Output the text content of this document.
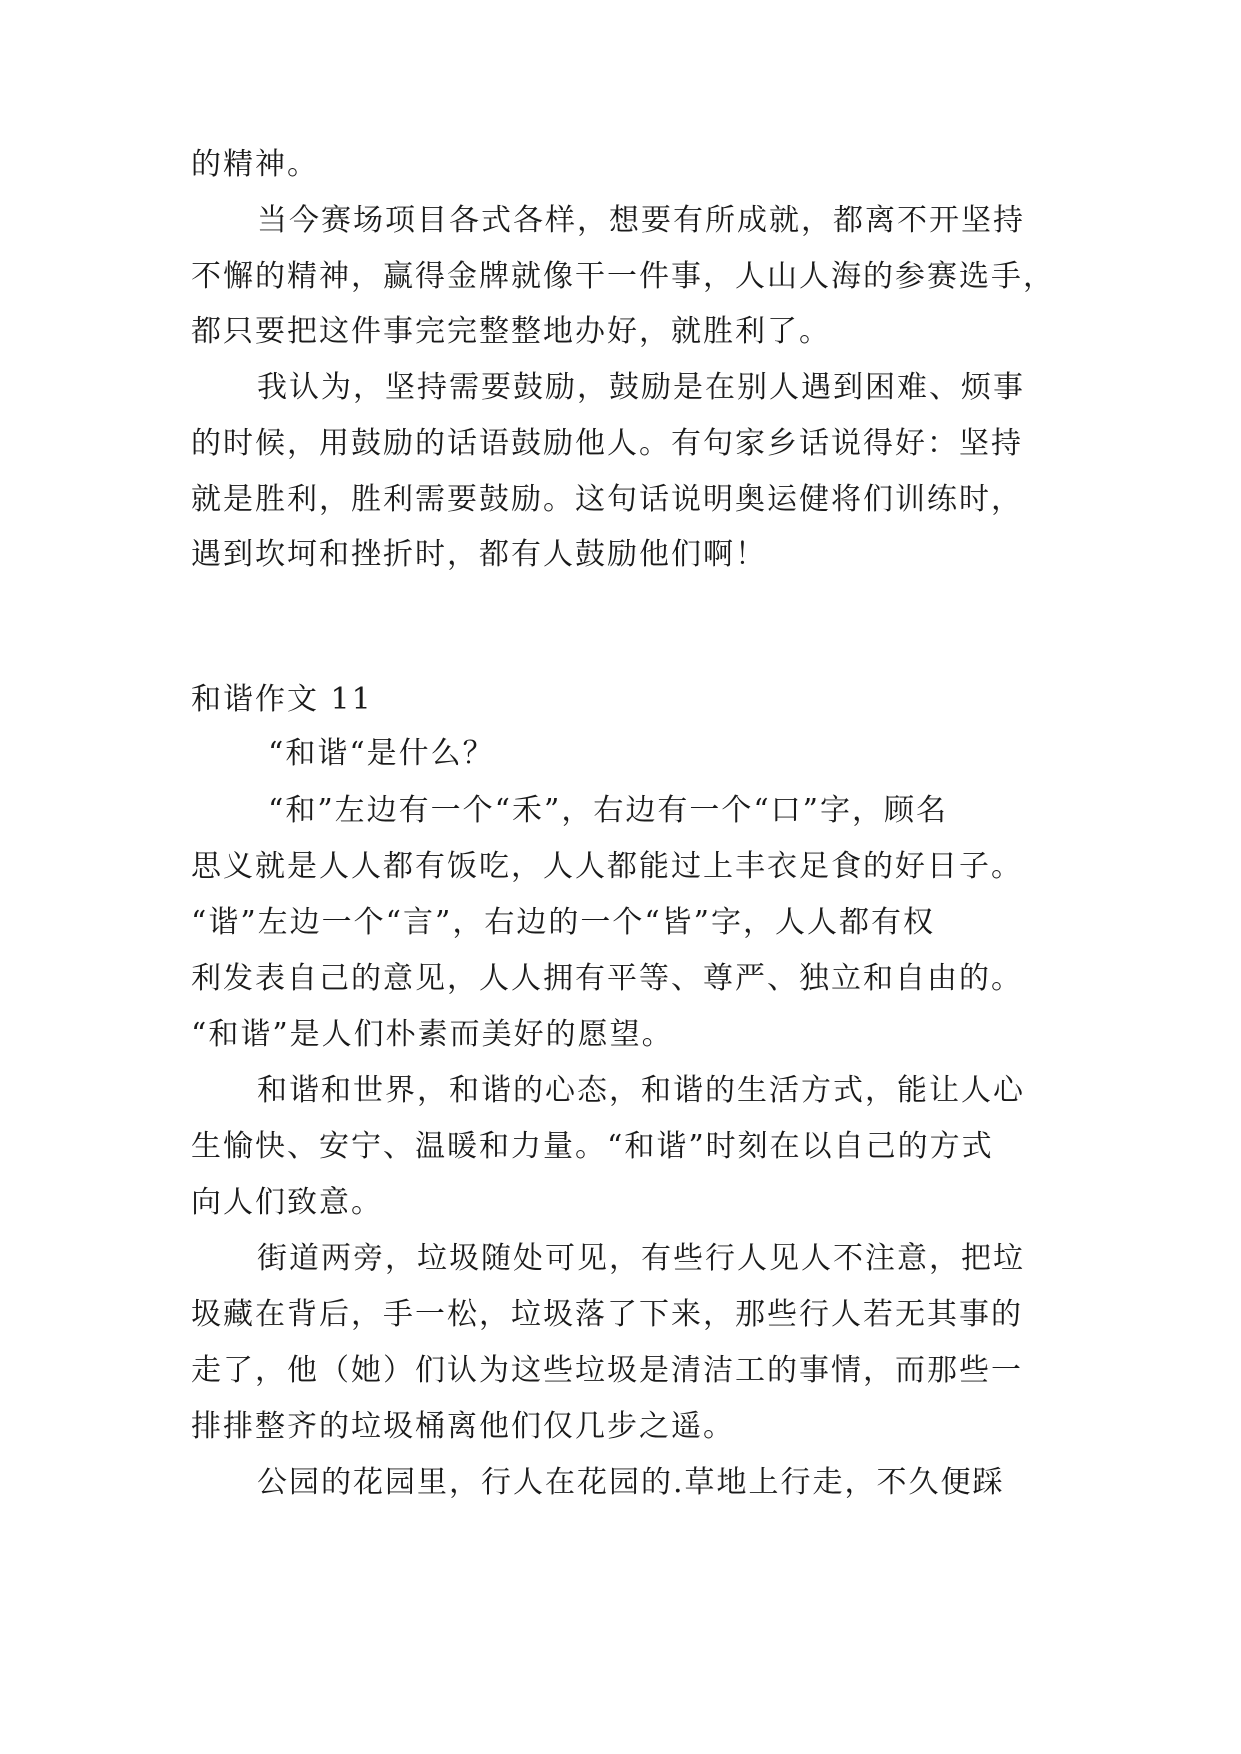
的精神。
当今赛场项目各式各样，想要有所成就，都离不开坚持
不懈的精神，赢得金牌就像干一件事，人山人海的参赛选手，
都只要把这件事完完整整地办好，就胜利了。
我认为，坚持需要鼓励，鼓励是在别人遇到困难、烦事
的时候，用鼓励的话语鼓励他人。有句家乡话说得好：坚持
就是胜利，胜利需要鼓励。这句话说明奥运健将们训练时，
遇到坎坷和挫折时，都有人鼓励他们啊！
和谐作文 11
“和谐“是什么？
“和”左边有一个“禾”，右边有一个“口”字，顾名
思义就是人人都有饭吃，人人都能过上丰衣足食的好日子。
“谐”左边一个“言”，右边的一个“皆”字，人人都有权
利发表自己的意见，人人拥有平等、尊严、独立和自由的。
“和谐”是人们朴素而美好的愿望。
和谐和世界，和谐的心态，和谐的生活方式，能让人心
生愉快、安宁、温暖和力量。“和谐”时刻在以自己的方式
向人们致意。
街道两旁，垃圾随处可见，有些行人见人不注意，把垃
圾藏在背后，手一松，垃圾落了下来，那些行人若无其事的
走了，他（她）们认为这些垃圾是清洁工的事情，而那些一
排排整齐的垃圾桶离他们仅几步之遥。
公园的花园里，行人在花园的.草地上行走，不久便踩
